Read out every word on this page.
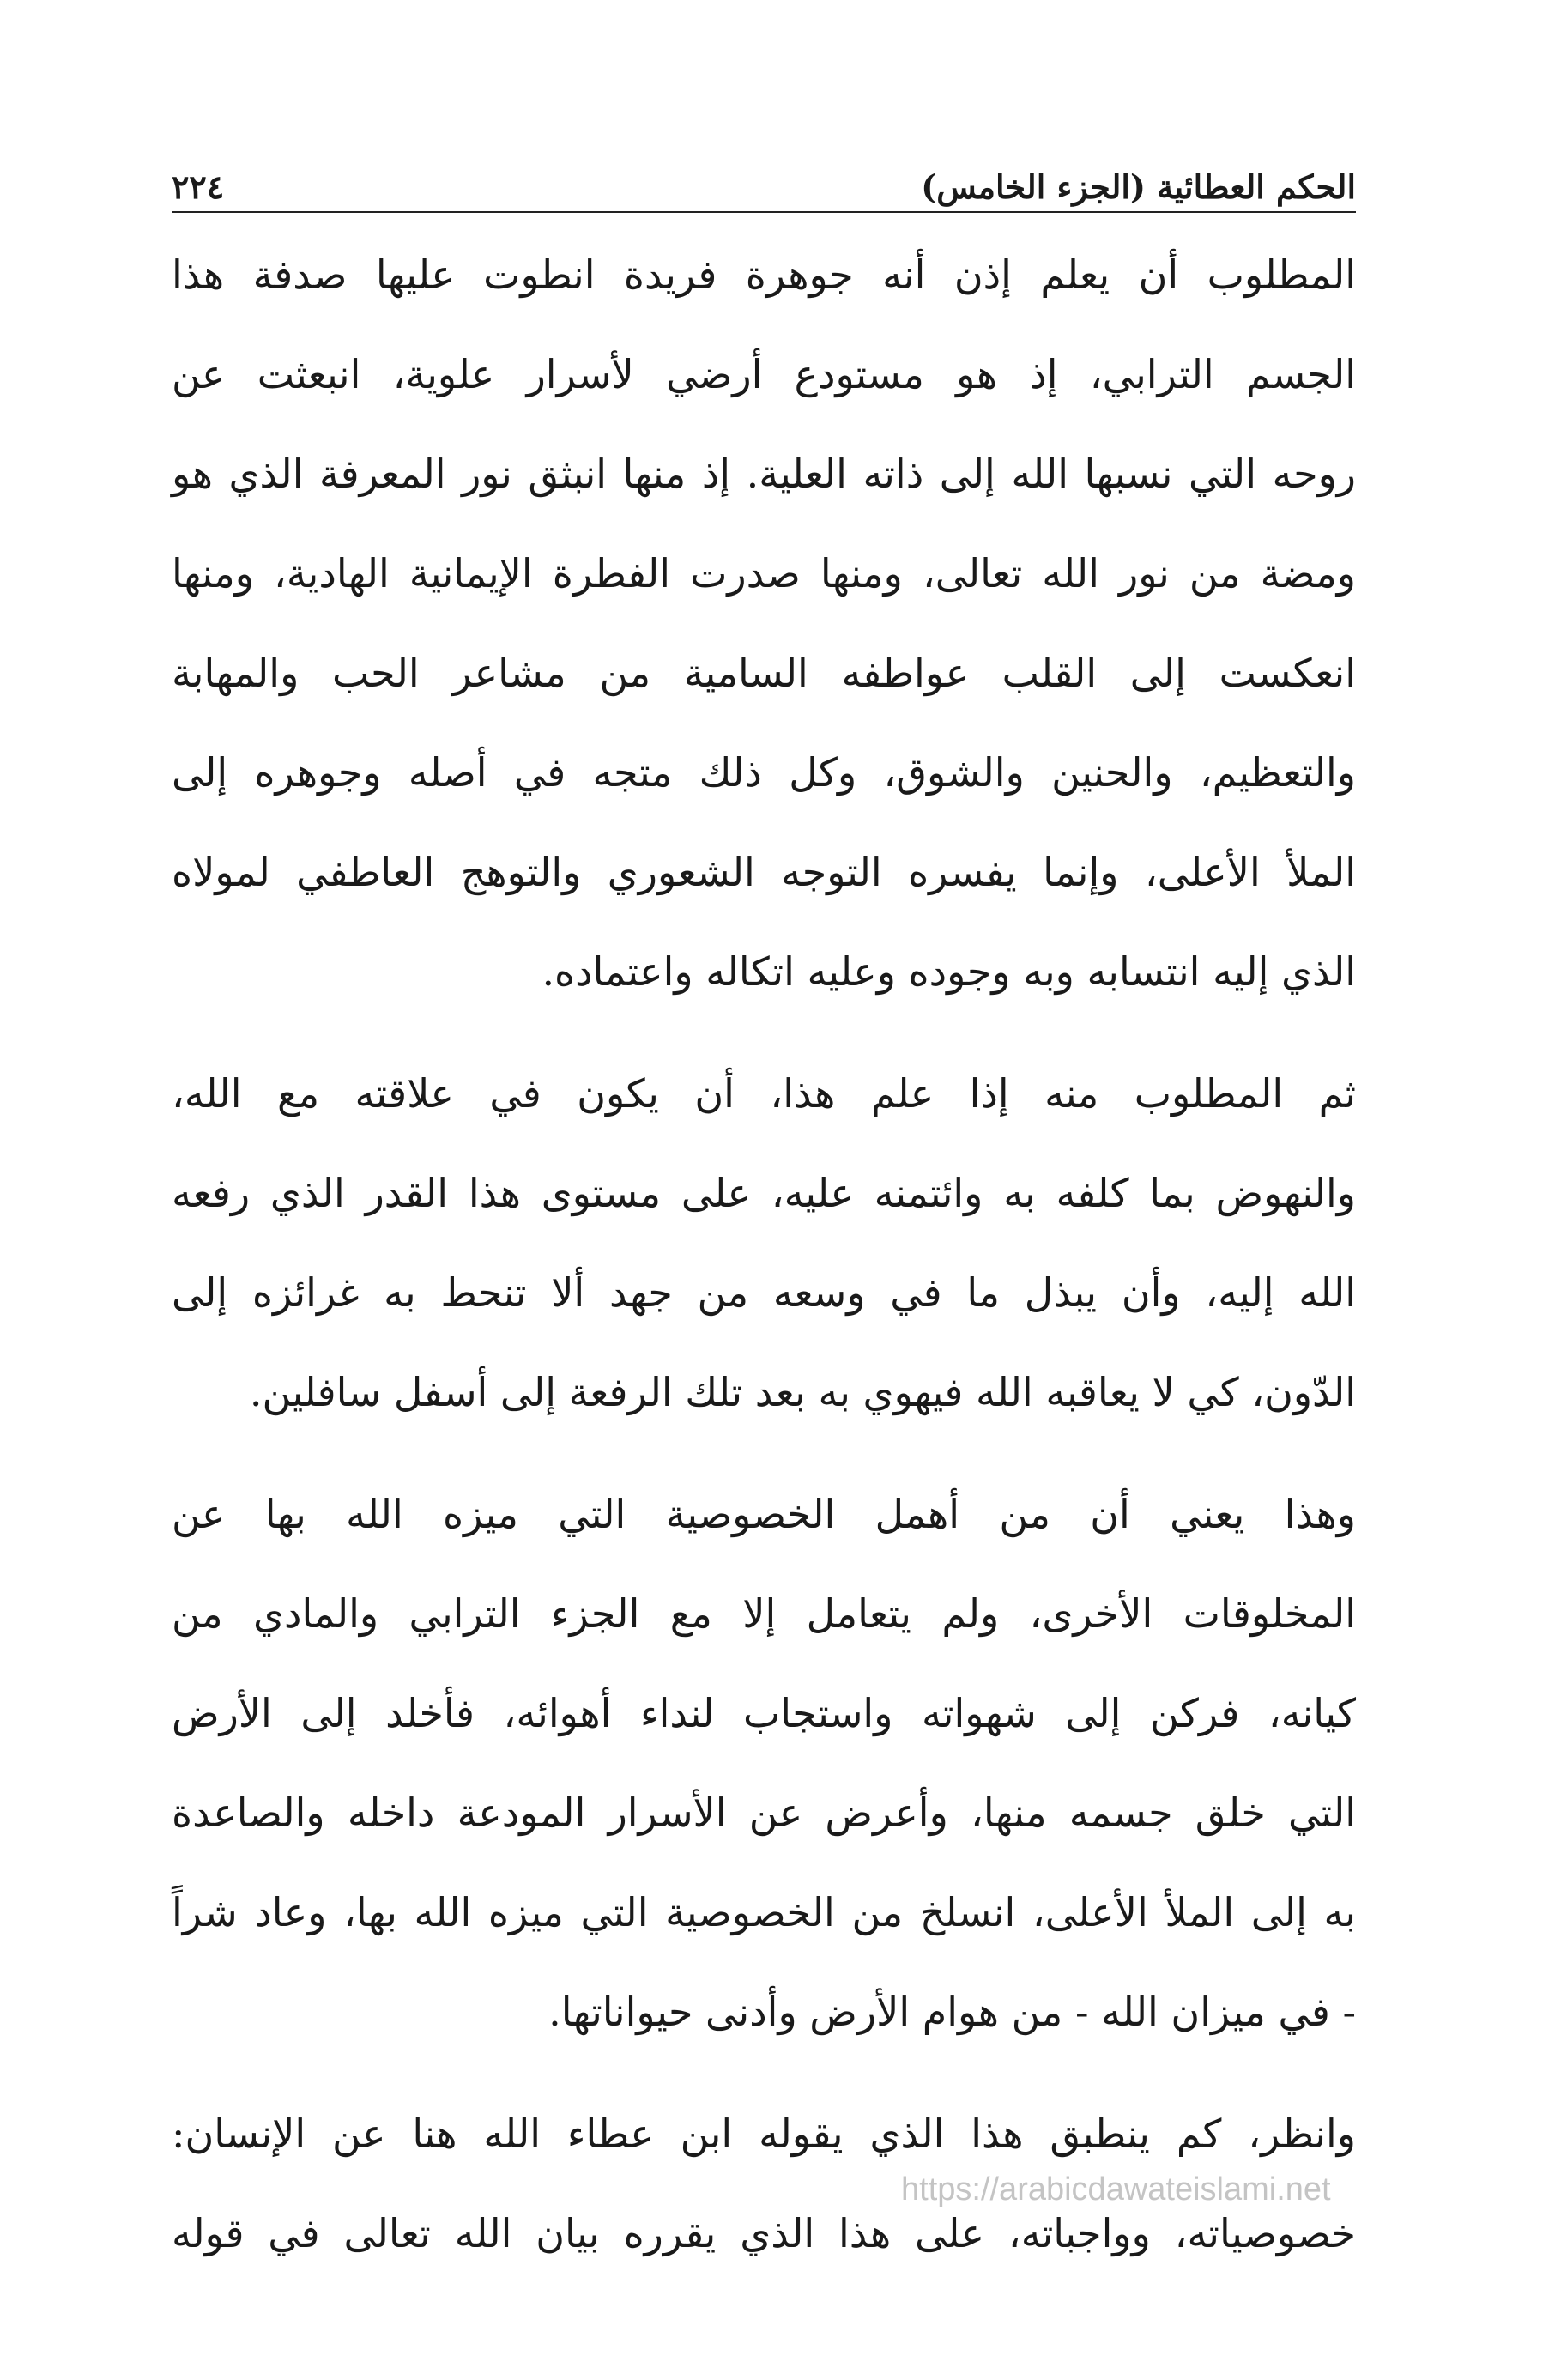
الحكم العطائية (الجزء الخامس)
٢٢٤
المطلوب أن يعلم إذن أنه جوهرة فريدة انطوت عليها صدفة هذا
الجسم الترابي، إذ هو مستودع أرضي لأسرار علوية، انبعثت عن
روحه التي نسبها الله إلى ذاته العلية. إذ منها انبثق نور المعرفة الذي هو
ومضة من نور الله تعالى، ومنها صدرت الفطرة الإيمانية الهادية، ومنها
انعكست إلى القلب عواطفه السامية من مشاعر الحب والمهابة
والتعظيم، والحنين والشوق، وكل ذلك متجه في أصله وجوهره إلى
الملأ الأعلى، وإنما يفسره التوجه الشعوري والتوهج العاطفي لمولاه
الذي إليه انتسابه وبه وجوده وعليه اتكاله واعتماده.
ثم المطلوب منه إذا علم هذا، أن يكون في علاقته مع الله،
والنهوض بما كلفه به وائتمنه عليه، على مستوى هذا القدر الذي رفعه
الله إليه، وأن يبذل ما في وسعه من جهد ألا تنحط به غرائزه إلى
الدّون، كي لا يعاقبه الله فيهوي به بعد تلك الرفعة إلى أسفل سافلين.
وهذا يعني أن من أهمل الخصوصية التي ميزه الله بها عن
المخلوقات الأخرى، ولم يتعامل إلا مع الجزء الترابي والمادي من
كيانه، فركن إلى شهواته واستجاب لنداء أهوائه، فأخلد إلى الأرض
التي خلق جسمه منها، وأعرض عن الأسرار المودعة داخله والصاعدة
به إلى الملأ الأعلى، انسلخ من الخصوصية التي ميزه الله بها، وعاد شراً
- في ميزان الله - من هوام الأرض وأدنى حيواناتها.
وانظر، كم ينطبق هذا الذي يقوله ابن عطاء الله هنا عن الإنسان:
خصوصياته، وواجباته، على هذا الذي يقرره بيان الله تعالى في قوله
https://arabicdawateislami.net
